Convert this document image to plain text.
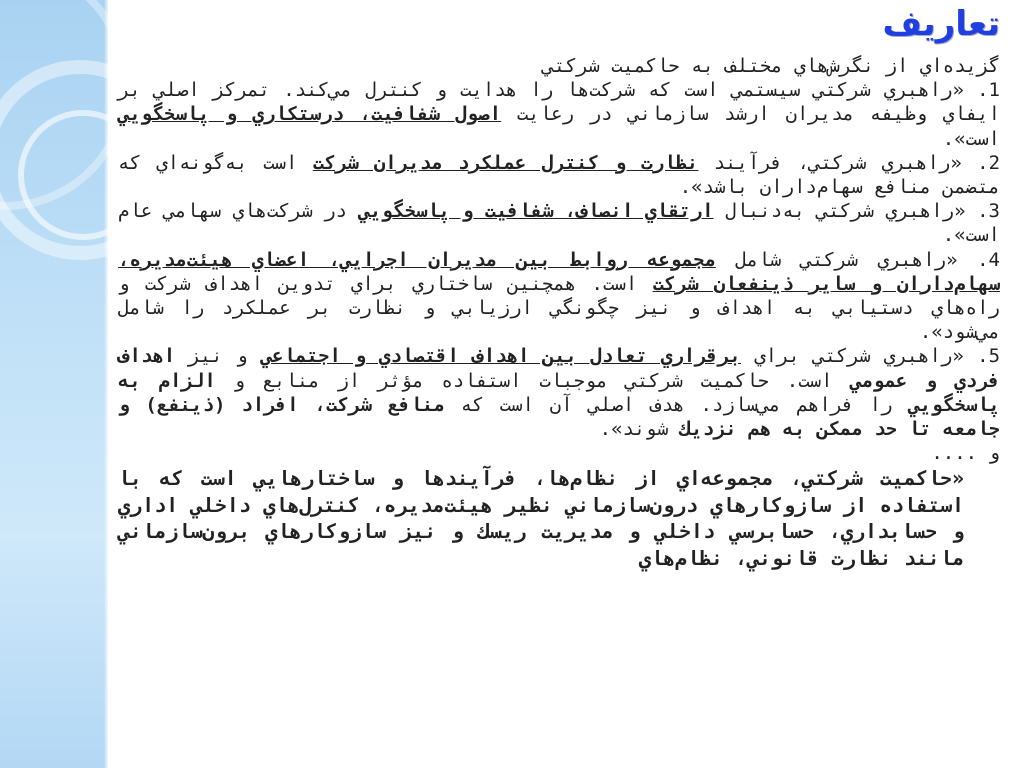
تعاريف

گزيده‌اي از نگرش‌هاي مختلف به حاكميت شركتي

1. «راهبري شركتي سيستمي است كه شركت‌ها را هدايت و كنترل مي‌كند. تمركز اصلي بر ايفاي وظيفه مديران ارشد سازماني در رعايت اصول شفافيت، درستكاري و پاسخگويي است».

2. «راهبري شركتي، فرآيند نظارت و كنترل عملكرد مديران شركت است به‌گونه‌اي كه متضمن منافع سهام‌داران باشد».

3. «راهبري شركتي به‌دنبال ارتقاي انصاف، شفافيت و پاسخگويي در شركت‌هاي سهامي عام است».

4. «راهبري شركتي شامل مجموعه روابط بين مديران اجرايي، اعضاي هيئت‌مديره، سهام‌داران و ساير ذينفعان شركت است. همچنين ساختاري براي تدوين اهداف شركت و راه‌هاي دستيابي به اهداف و نيز چگونگي ارزيابي و نظارت بر عملكرد را شامل مي‌شود».

5. «راهبري شركتي براي برقراري تعادل بين اهداف اقتصادي و اجتماعي و نيز اهداف فردي و عمومي است. حاكميت شركتي موجبات استفاده مؤثر از منابع و الزام به پاسخگويي را فراهم مي‌سازد. هدف اصلي آن است كه منافع شركت، افراد (ذينفع) و جامعه تا حد ممكن به هم نزديك شوند».

و ....

«حاكميت شركتي، مجموعه‌اي از نظام‌ها، فرآيندها و ساختارهايي است كه با استفاده از سازوكارهاي درون‌سازماني نظير هيئت‌مديره، كنترل‌هاي داخلي اداري و حسابداري، حسابرسي داخلي و مديريت ريسك و نيز سازوكارهاي برون‌سازماني مانند نظارت قانوني، نظام‌هاي
